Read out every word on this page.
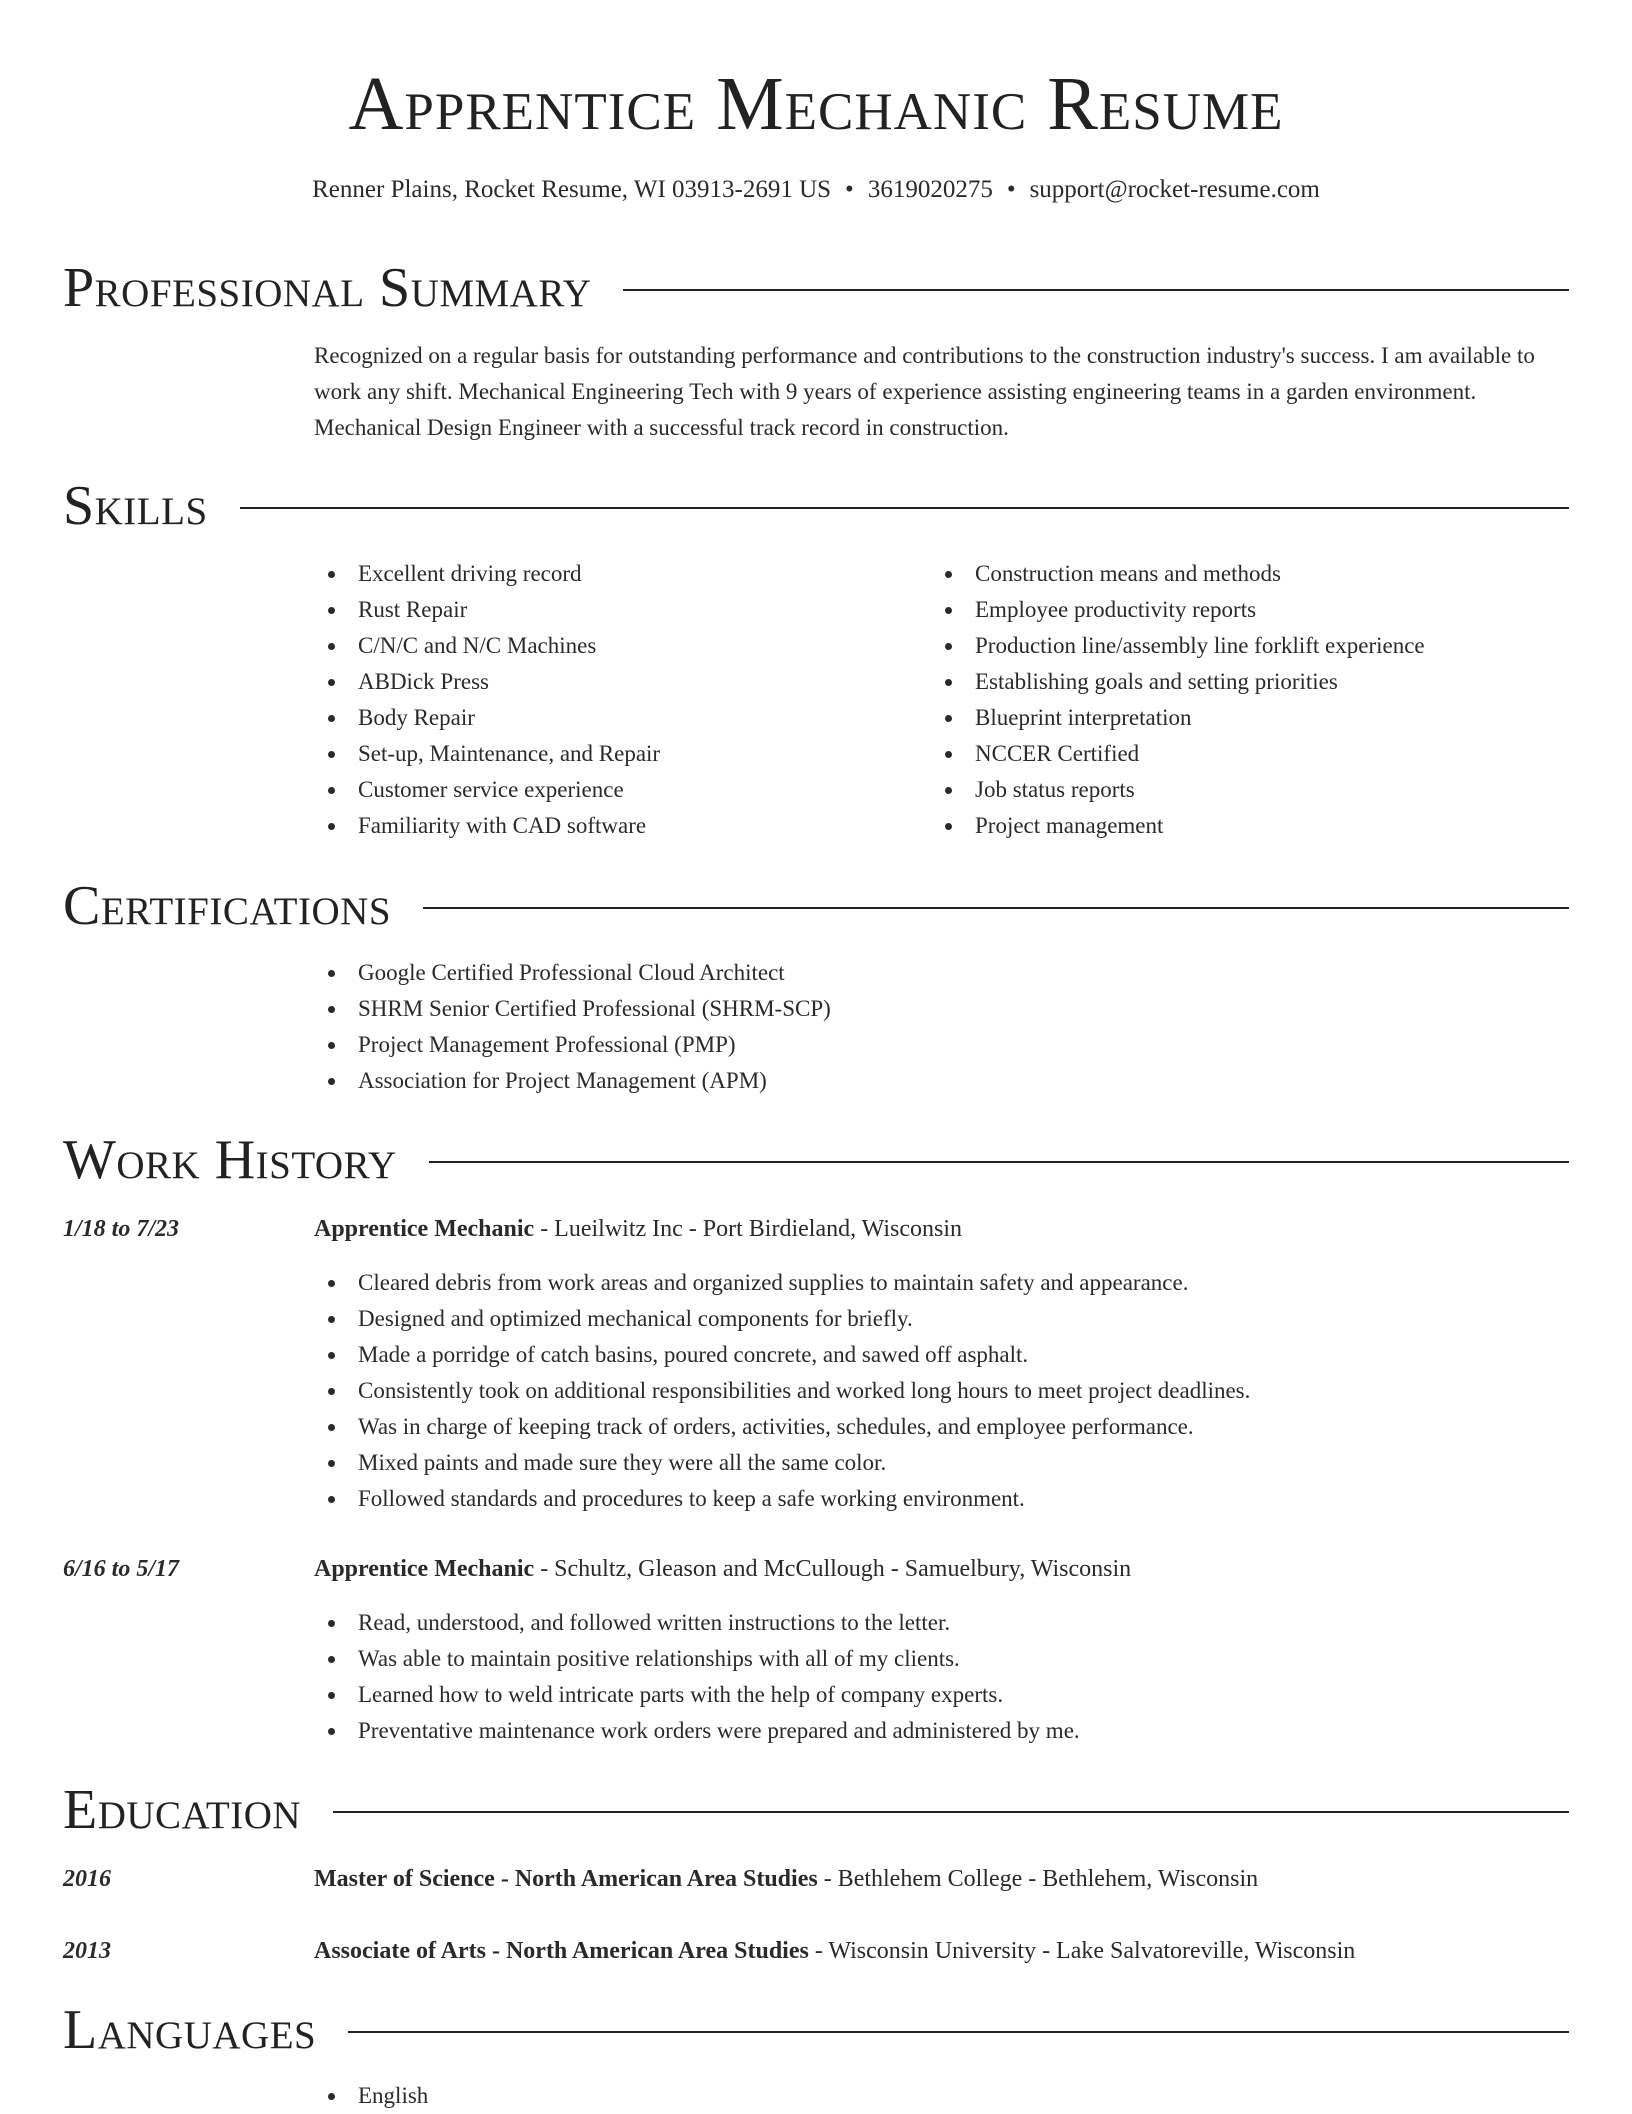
Apprentice Mechanic Resume
Renner Plains, Rocket Resume, WI 03913-2691 US • 3619020275 • support@rocket-resume.com
Professional Summary
Recognized on a regular basis for outstanding performance and contributions to the construction industry's success. I am available to work any shift. Mechanical Engineering Tech with 9 years of experience assisting engineering teams in a garden environment. Mechanical Design Engineer with a successful track record in construction.
Skills
Excellent driving record
Rust Repair
C/N/C and N/C Machines
ABDick Press
Body Repair
Set-up, Maintenance, and Repair
Customer service experience
Familiarity with CAD software
Construction means and methods
Employee productivity reports
Production line/assembly line forklift experience
Establishing goals and setting priorities
Blueprint interpretation
NCCER Certified
Job status reports
Project management
Certifications
Google Certified Professional Cloud Architect
SHRM Senior Certified Professional (SHRM-SCP)
Project Management Professional (PMP)
Association for Project Management (APM)
Work History
1/18 to 7/23	Apprentice Mechanic - Lueilwitz Inc - Port Birdieland, Wisconsin
Cleared debris from work areas and organized supplies to maintain safety and appearance.
Designed and optimized mechanical components for briefly.
Made a porridge of catch basins, poured concrete, and sawed off asphalt.
Consistently took on additional responsibilities and worked long hours to meet project deadlines.
Was in charge of keeping track of orders, activities, schedules, and employee performance.
Mixed paints and made sure they were all the same color.
Followed standards and procedures to keep a safe working environment.
6/16 to 5/17	Apprentice Mechanic - Schultz, Gleason and McCullough - Samuelbury, Wisconsin
Read, understood, and followed written instructions to the letter.
Was able to maintain positive relationships with all of my clients.
Learned how to weld intricate parts with the help of company experts.
Preventative maintenance work orders were prepared and administered by me.
Education
2016	Master of Science - North American Area Studies - Bethlehem College - Bethlehem, Wisconsin
2013	Associate of Arts - North American Area Studies - Wisconsin University - Lake Salvatoreville, Wisconsin
Languages
English
